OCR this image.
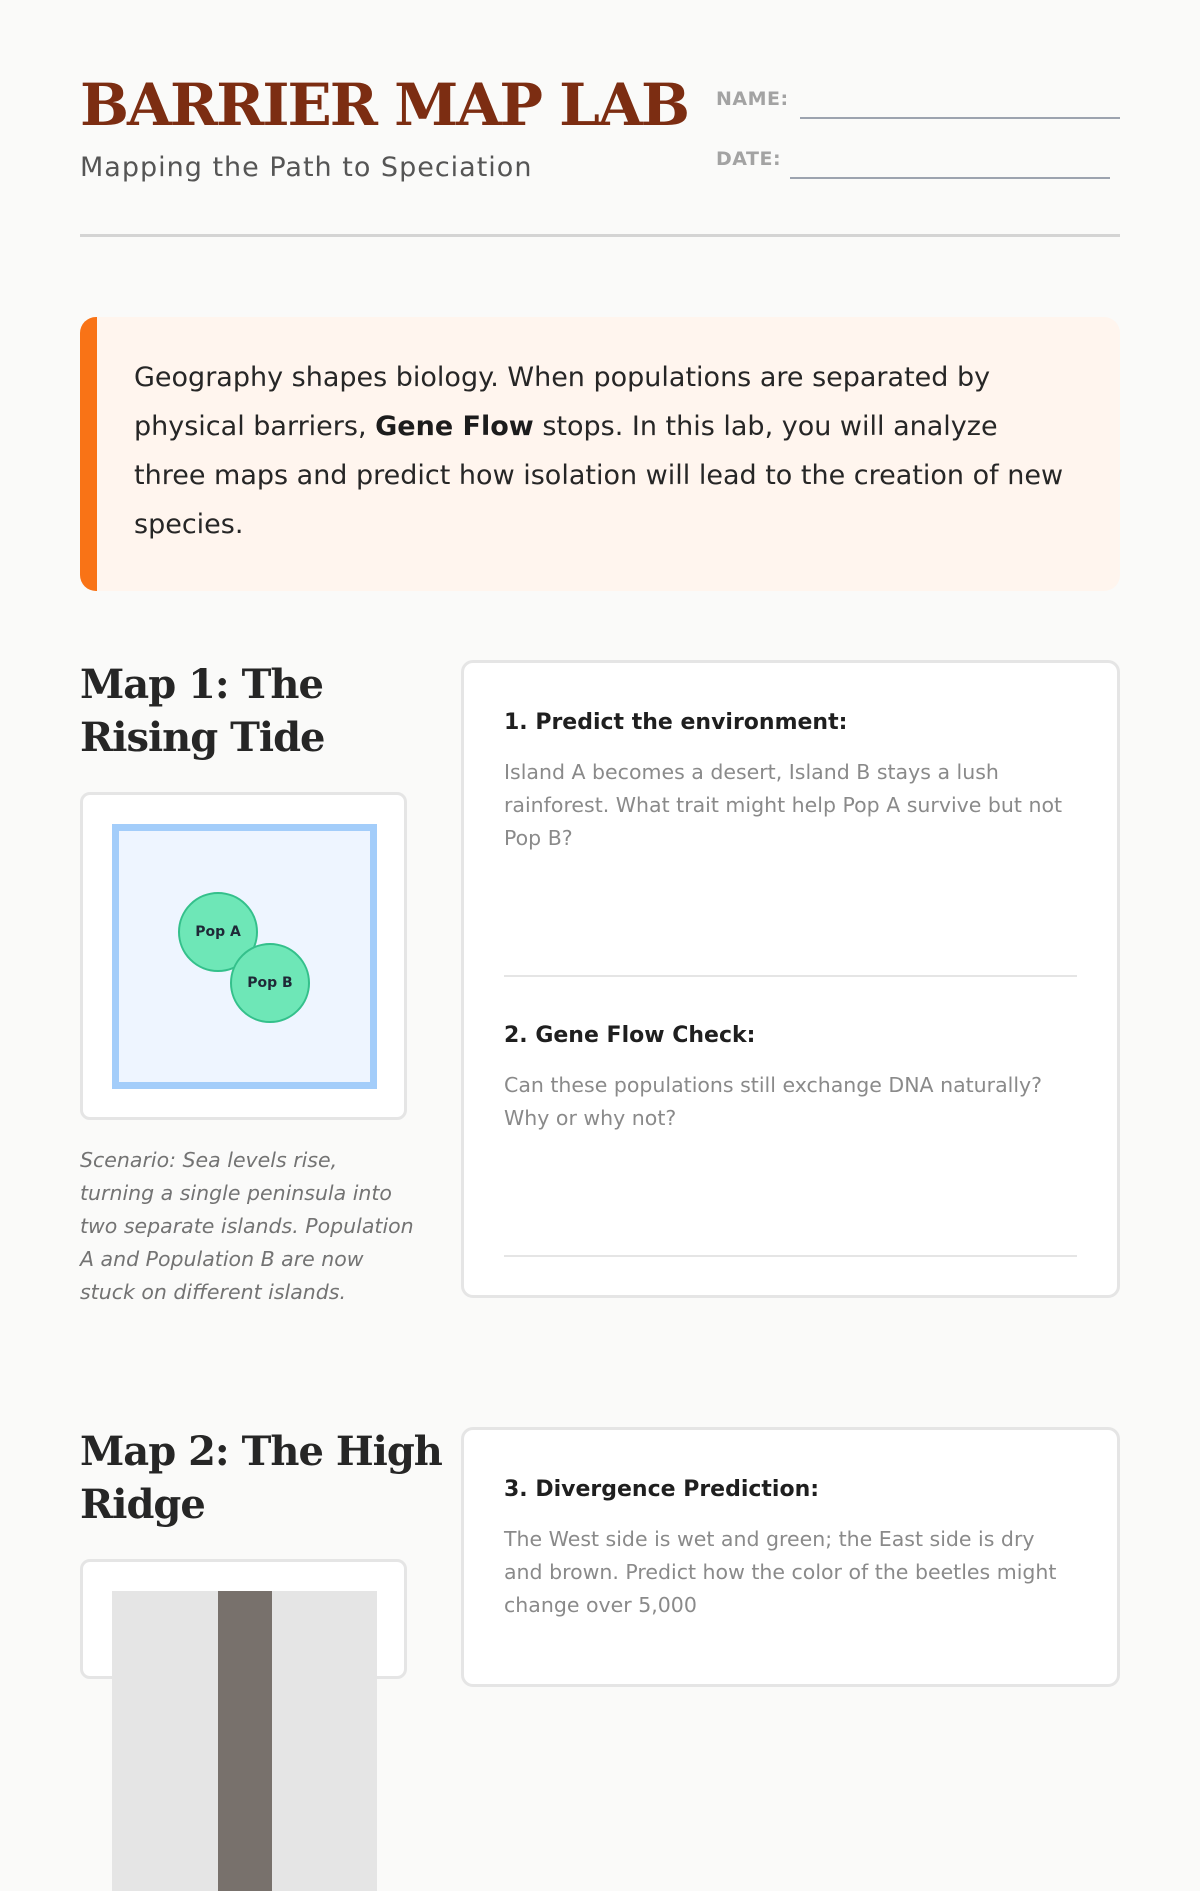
BARRIER MAP LAB
Mapping the Path to Speciation
NAME:
DATE:
Geography shapes biology. When populations are separated by physical barriers, Gene Flow stops. In this lab, you will analyze three maps and predict how isolation will lead to the creation of new species.
Map 1: The
Rising Tide
Pop A
Pop B
Scenario: Sea levels rise, turning a single peninsula into two separate islands. Population A and Population B are now stuck on different islands.

1. Predict the environment:

Island A becomes a desert, Island B stays a lush rainforest. What trait might help Pop A survive but not Pop B?

2. Gene Flow Check:

Can these populations still exchange DNA naturally? Why or why not?
Map 2: The High
Ridge	3. Divergence Prediction:

The West side is wet and green; the East side is dry and brown. Predict how the color of the beetles might change over 5,000
